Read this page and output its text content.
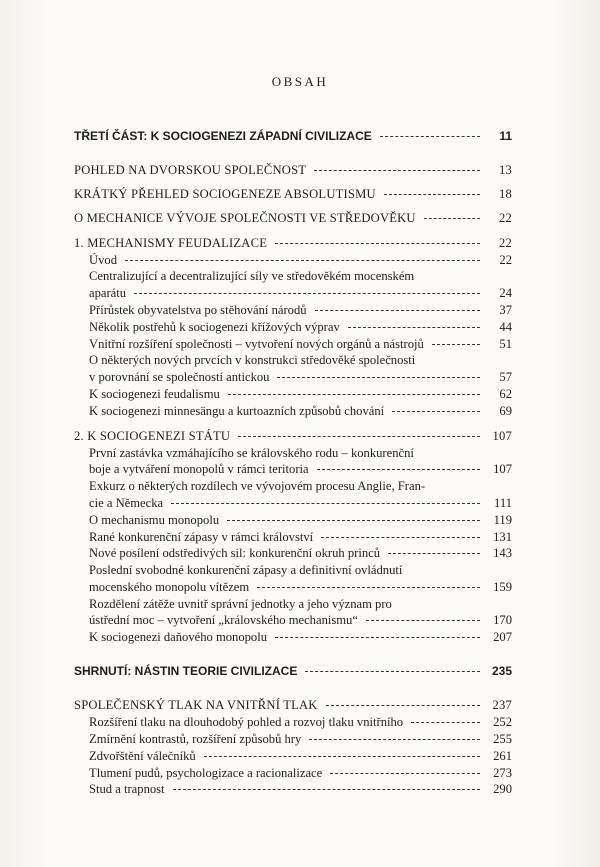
OBSAH
TŘETÍ ČÁST: K SOCIOGENEZI ZÁPADNÍ CIVILIZACE	11
POHLED NA DVORSKOU SPOLEČNOST	13
KRÁTKÝ PŘEHLED SOCIOGENEZE ABSOLUTISMU	18
O MECHANICE VÝVOJE SPOLEČNOSTI VE STŘEDOVĚKU	22
1. MECHANISMY FEUDALIZACE	22
Úvod	22
Centralizující a decentralizující síly ve středověkém mocenském
aparátu	24
Přírůstek obyvatelstva po stěhování národů	37
Několik postřehů k sociogenezi křížových výprav	44
Vnitřní rozšíření společnosti – vytvoření nových orgánů a nástrojů	51
O některých nových prvcích v konstrukci středověké společnosti
v porovnání se společností antickou	57
K sociogenezi feudalismu	62
K sociogenezi minnesängu a kurtoazních způsobů chování	69
2. K SOCIOGENEZI STÁTU	107
První zastávka vzmáhajícího se královského rodu – konkurenční
boje a vytváření monopolů v rámci teritoria	107
Exkurz o některých rozdílech ve vývojovém procesu Anglie, Fran-
cie a Německa	111
O mechanismu monopolu	119
Rané konkurenční zápasy v rámci království	131
Nové posílení odstředivých sil: konkurenční okruh princů	143
Poslední svobodné konkurenční zápasy a definitivní ovládnutí
mocenského monopolu vítězem	159
Rozdělení zátěže uvnitř správní jednotky a jeho význam pro
ústřední moc – vytvoření „královského mechanismu“	170
K sociogenezi daňového monopolu	207
SHRNUTÍ: NÁSTIN TEORIE CIVILIZACE	235
SPOLEČENSKÝ TLAK NA VNITŘNÍ TLAK	237
Rozšíření tlaku na dlouhodobý pohled a rozvoj tlaku vnitřního	252
Zmírnění kontrastů, rozšíření způsobů hry	255
Zdvořštění válečníků	261
Tlumení pudů, psychologizace a racionalizace	273
Stud a trapnost	290
